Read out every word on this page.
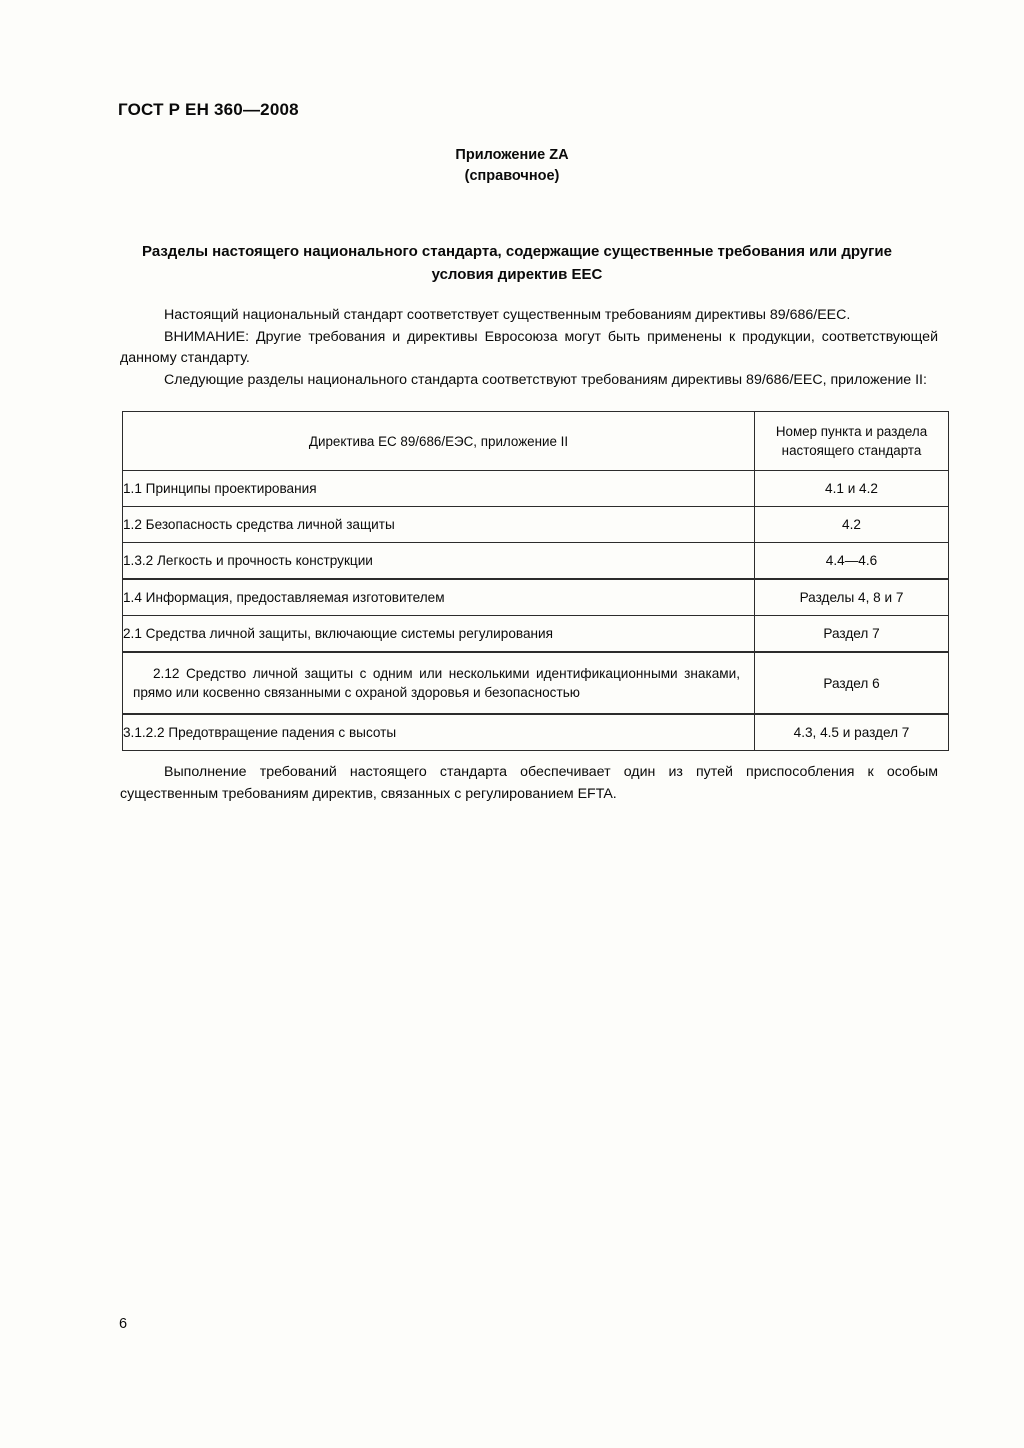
ГОСТ Р ЕН 360—2008
Приложение ZA
(справочное)
Разделы настоящего национального стандарта, содержащие существенные требования или другие условия директив EEC

Настоящий национальный стандарт соответствует существенным требованиям директивы 89/686/EEC.

ВНИМАНИЕ: Другие требования и директивы Евросоюза могут быть применены к продукции, соответствующей данному стандарту.

Следующие разделы национального стандарта соответствуют требованиям директивы 89/686/EEC, приложение II:

Директива ЕС 89/686/ЕЭС, приложение II	Номер пункта и раздела настоящего стандарта
1.1 Принципы проектирования	4.1 и 4.2
1.2 Безопасность средства личной защиты	4.2
1.3.2 Легкость и прочность конструкции	4.4—4.6
1.4 Информация, предоставляемая изготовителем	Разделы 4, 8 и 7
2.1 Средства личной защиты, включающие системы регулирования	Раздел 7
2.12 Средство личной защиты с одним или несколькими идентификационными знаками, прямо или косвенно связанными с охраной здоровья и безопасностью	Раздел 6
3.1.2.2 Предотвращение падения с высоты	4.3, 4.5 и раздел 7

Выполнение требований настоящего стандарта обеспечивает один из путей приспособления к особым существенным требованиям директив, связанных с регулированием EFTA.

6
